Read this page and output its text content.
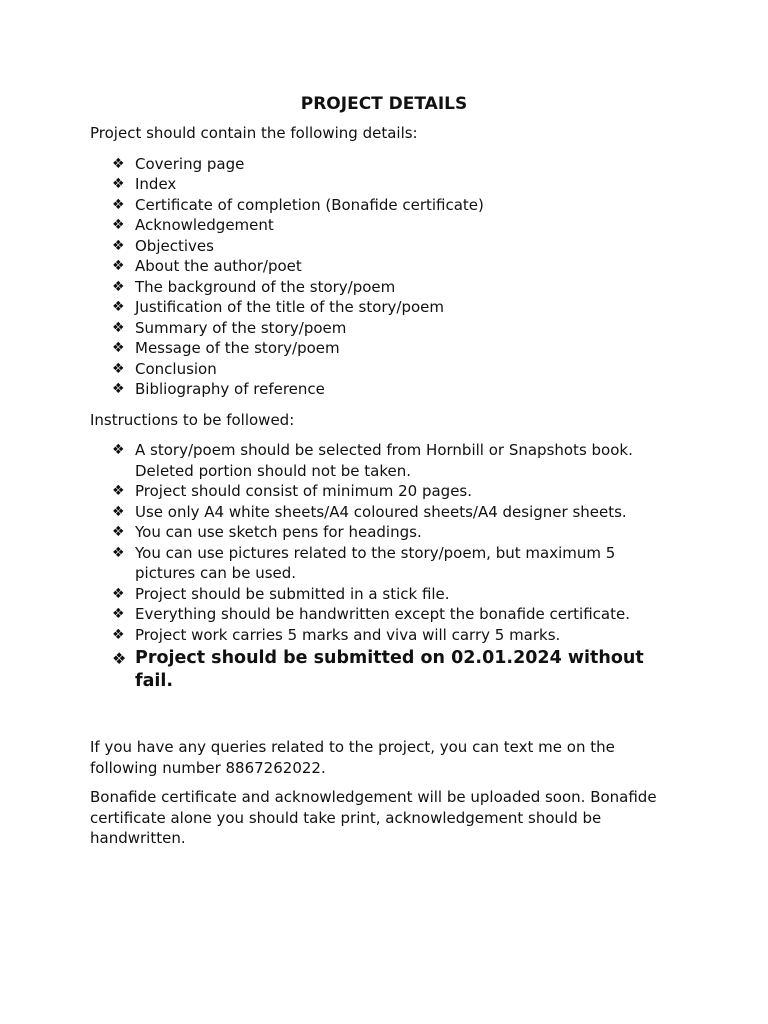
PROJECT DETAILS

Project should contain the following details:

❖ Covering page
❖ Index
❖ Certificate of completion (Bonafide certificate)
❖ Acknowledgement
❖ Objectives
❖ About the author/poet
❖ The background of the story/poem
❖ Justification of the title of the story/poem
❖ Summary of the story/poem
❖ Message of the story/poem
❖ Conclusion
❖ Bibliography of reference

Instructions to be followed:

❖ A story/poem should be selected from Hornbill or Snapshots book. Deleted portion should not be taken.
❖ Project should consist of minimum 20 pages.
❖ Use only A4 white sheets/A4 coloured sheets/A4 designer sheets.
❖ You can use sketch pens for headings.
❖ You can use pictures related to the story/poem, but maximum 5 pictures can be used.
❖ Project should be submitted in a stick file.
❖ Everything should be handwritten except the bonafide certificate.
❖ Project work carries 5 marks and viva will carry 5 marks.
❖ Project should be submitted on 02.01.2024 without fail.

If you have any queries related to the project, you can text me on the following number 8867262022.

Bonafide certificate and acknowledgement will be uploaded soon. Bonafide certificate alone you should take print, acknowledgement should be handwritten.
